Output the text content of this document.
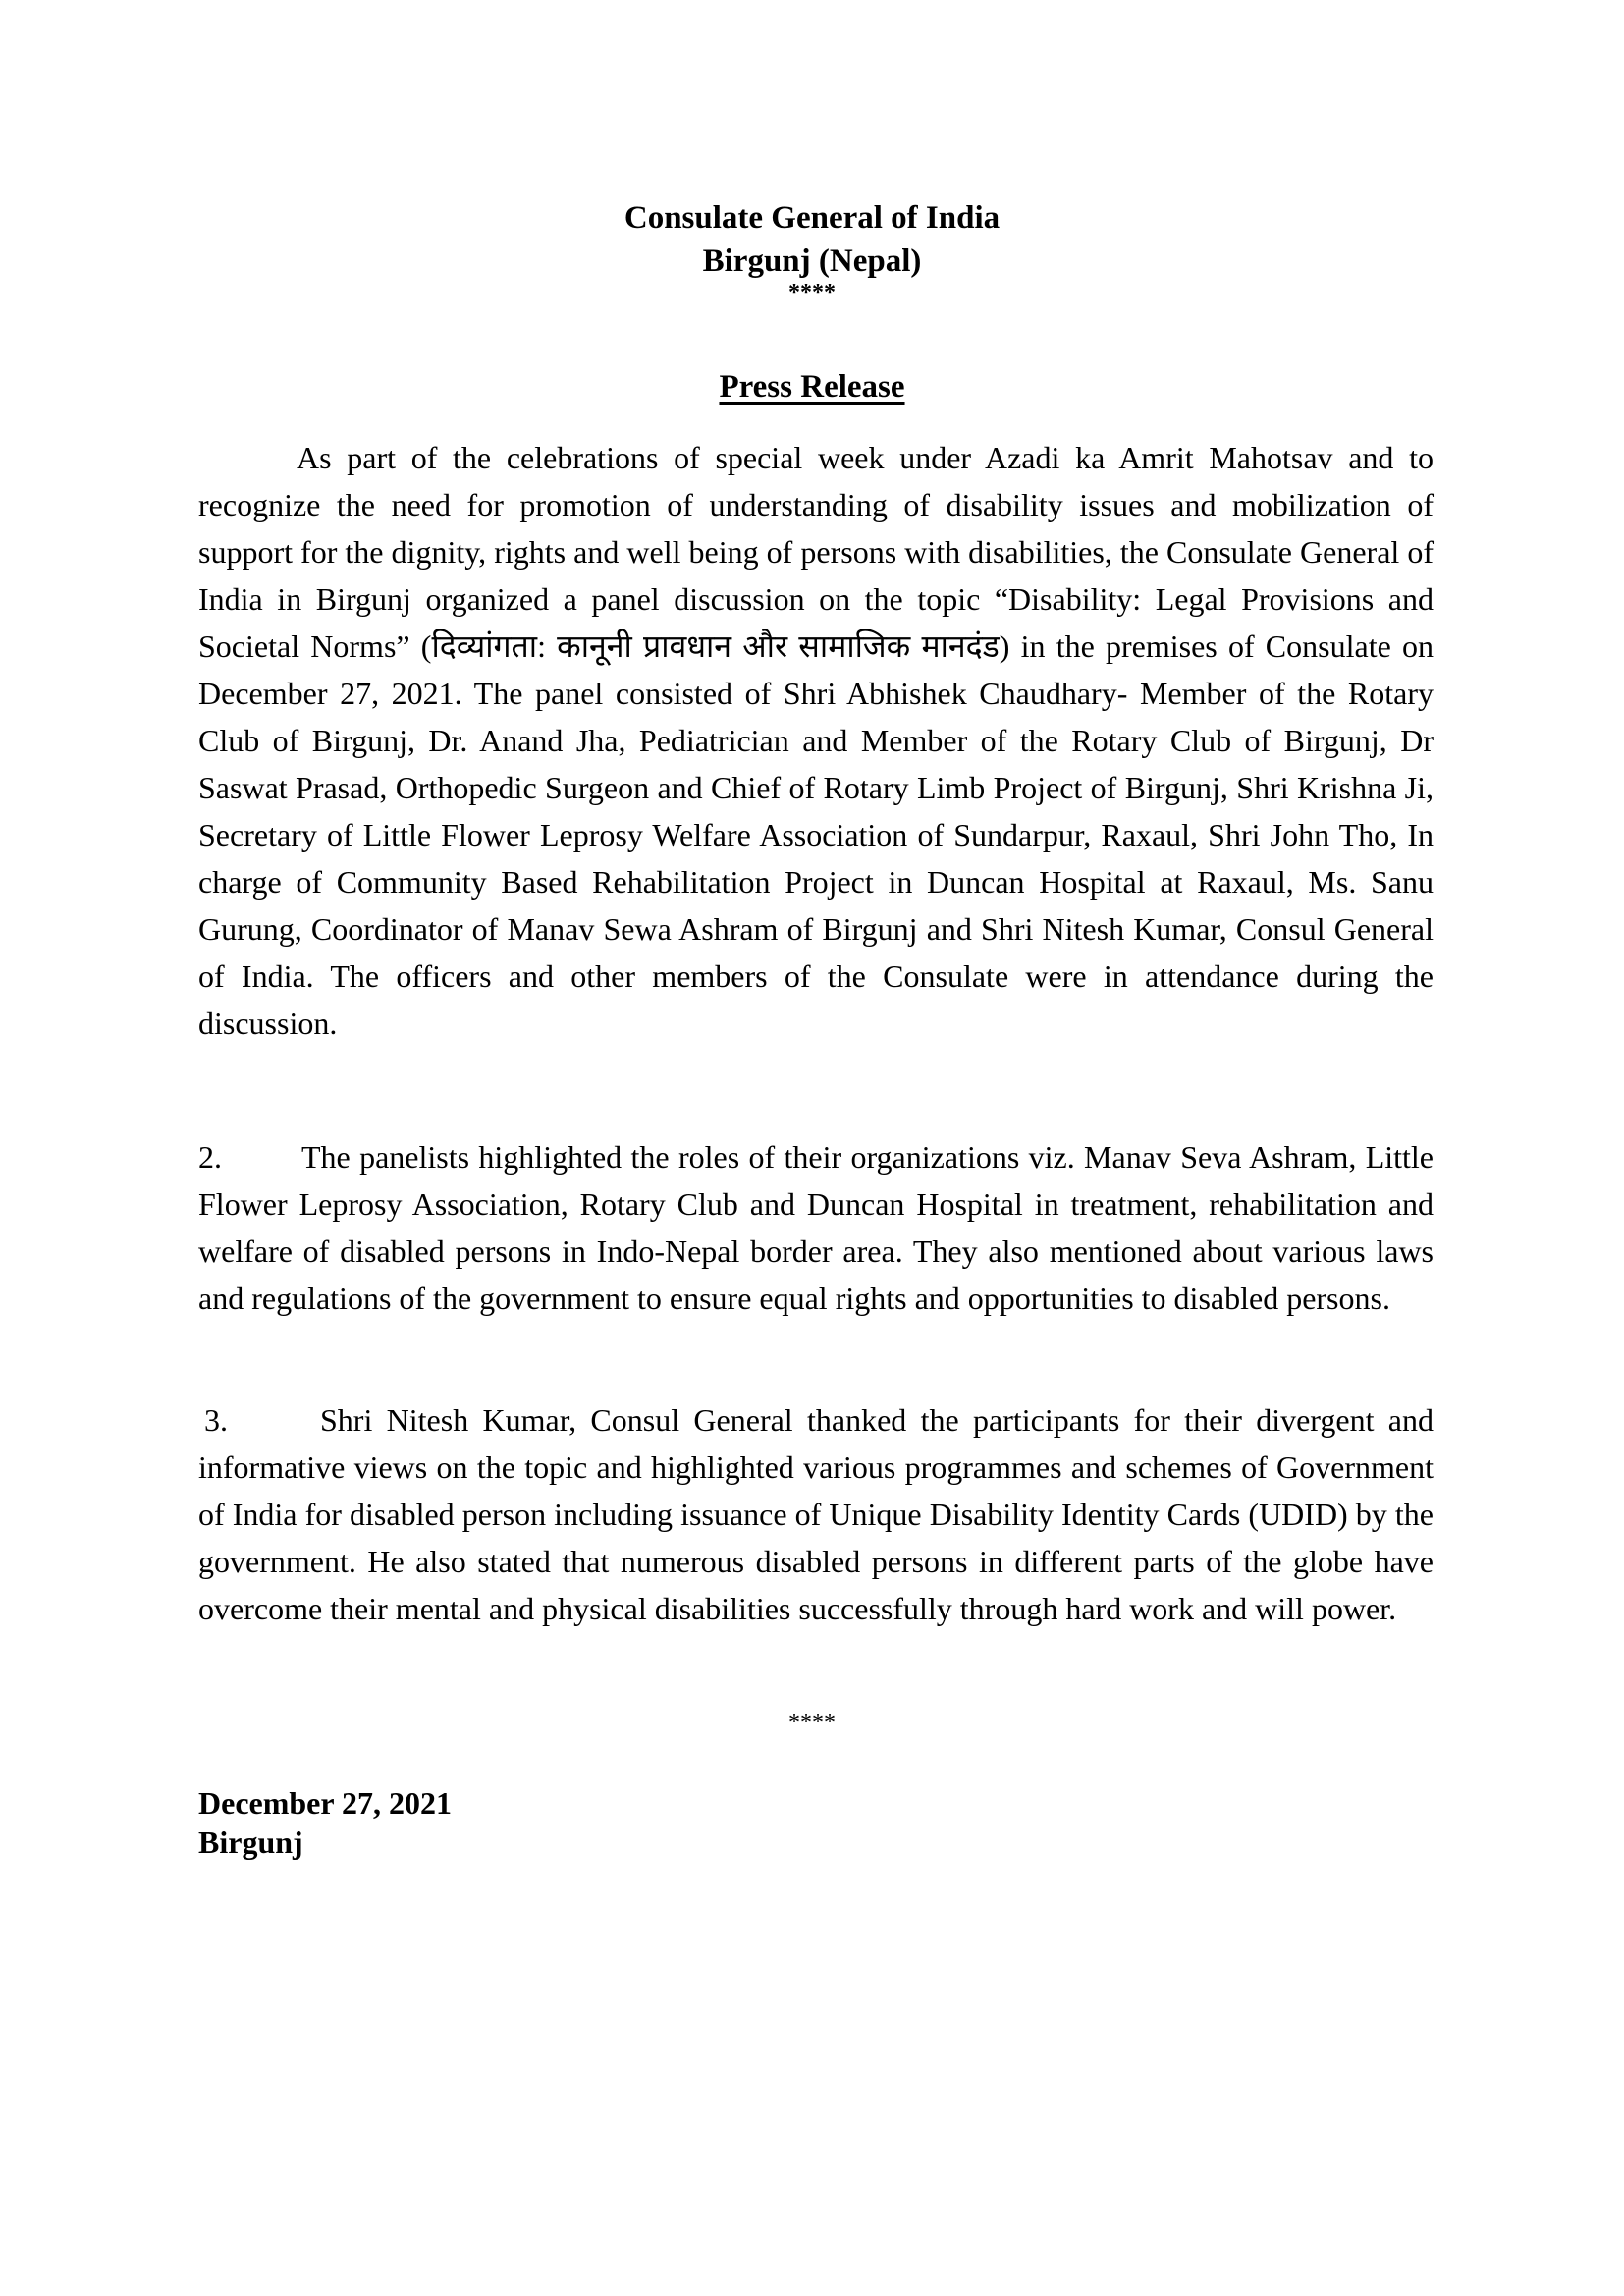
Consulate General of India
Birgunj (Nepal)
****
Press Release

As part of the celebrations of special week under Azadi ka Amrit Mahotsav and to recognize the need for promotion of understanding of disability issues and mobilization of support for the dignity, rights and well being of persons with disabilities, the Consulate General of India in Birgunj organized a panel discussion on the topic “Disability: Legal Provisions and Societal Norms” (दिव्यांगता: कानूनी प्रावधान और सामाजिक मानदंड) in the premises of Consulate on December 27, 2021. The panel consisted of Shri Abhishek Chaudhary- Member of the Rotary Club of Birgunj, Dr. Anand Jha, Pediatrician and Member of the Rotary Club of Birgunj, Dr Saswat Prasad, Orthopedic Surgeon and Chief of Rotary Limb Project of Birgunj, Shri Krishna Ji, Secretary of Little Flower Leprosy Welfare Association of Sundarpur, Raxaul, Shri John Tho, In charge of Community Based Rehabilitation Project in Duncan Hospital at Raxaul, Ms. Sanu Gurung, Coordinator of Manav Sewa Ashram of Birgunj and Shri Nitesh Kumar, Consul General of India. The officers and other members of the Consulate were in attendance during the discussion.

2.	The panelists highlighted the roles of their organizations viz. Manav Seva Ashram, Little Flower Leprosy Association, Rotary Club and Duncan Hospital in treatment, rehabilitation and welfare of disabled persons in Indo-Nepal border area. They also mentioned about various laws and regulations of the government to ensure equal rights and opportunities to disabled persons.

3.	Shri Nitesh Kumar, Consul General thanked the participants for their divergent and informative views on the topic and highlighted various programmes and schemes of Government of India for disabled person including issuance of Unique Disability Identity Cards (UDID) by the government. He also stated that numerous disabled persons in different parts of the globe have overcome their mental and physical disabilities successfully through hard work and will power.

****
December 27, 2021
Birgunj
